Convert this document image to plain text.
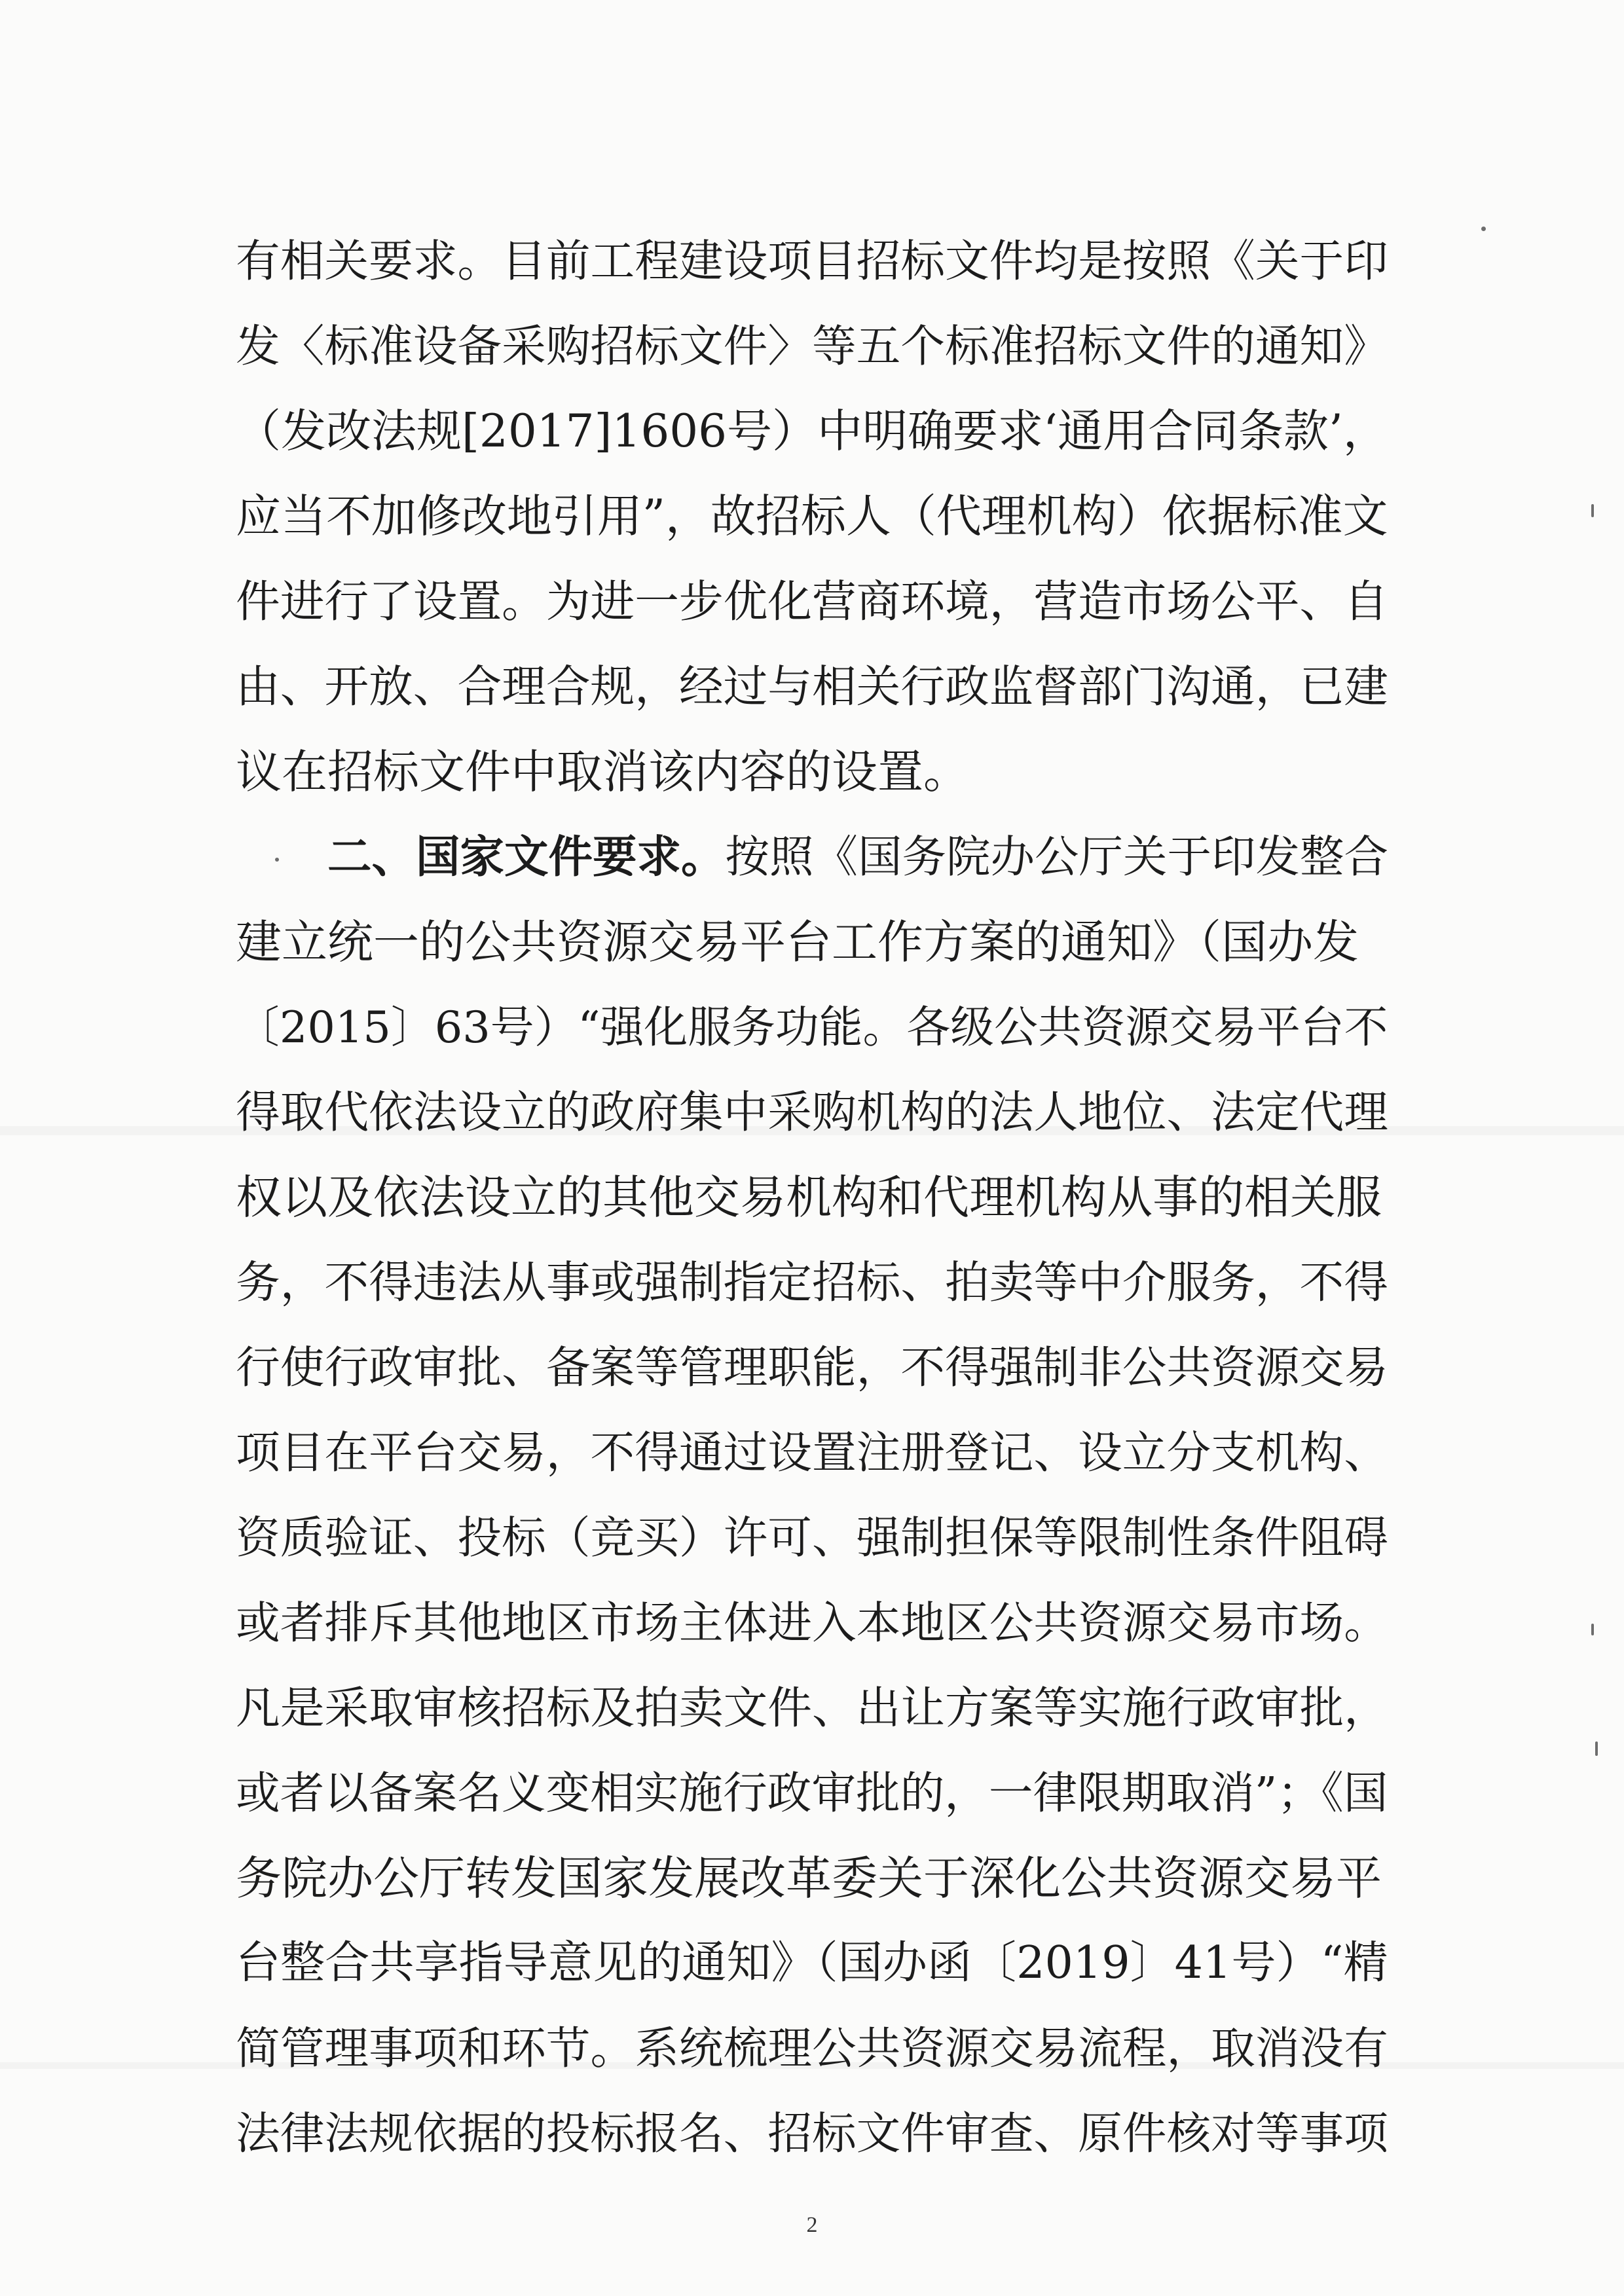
有相关要求。目前工程建设项目招标文件均是按照《关于印
发〈标准设备采购招标文件〉等五个标准招标文件的通知》
（发改法规[2017]1606号）中明确要求‘通用合同条款’，
应当不加修改地引用”，故招标人（代理机构）依据标准文
件进行了设置。为进一步优化营商环境，营造市场公平、自
由、开放、合理合规，经过与相关行政监督部门沟通，已建
议在招标文件中取消该内容的设置。
二、国家文件要求。按照《国务院办公厅关于印发整合
建立统一的公共资源交易平台工作方案的通知》（国办发
〔2015〕63号）“强化服务功能。各级公共资源交易平台不
得取代依法设立的政府集中采购机构的法人地位、法定代理
权以及依法设立的其他交易机构和代理机构从事的相关服
务，不得违法从事或强制指定招标、拍卖等中介服务，不得
行使行政审批、备案等管理职能，不得强制非公共资源交易
项目在平台交易，不得通过设置注册登记、设立分支机构、
资质验证、投标（竞买）许可、强制担保等限制性条件阻碍
或者排斥其他地区市场主体进入本地区公共资源交易市场。
凡是采取审核招标及拍卖文件、出让方案等实施行政审批，
或者以备案名义变相实施行政审批的，一律限期取消”；《国
务院办公厅转发国家发展改革委关于深化公共资源交易平
台整合共享指导意见的通知》（国办函〔2019〕41号）“精
简管理事项和环节。系统梳理公共资源交易流程，取消没有
法律法规依据的投标报名、招标文件审查、原件核对等事项
2
